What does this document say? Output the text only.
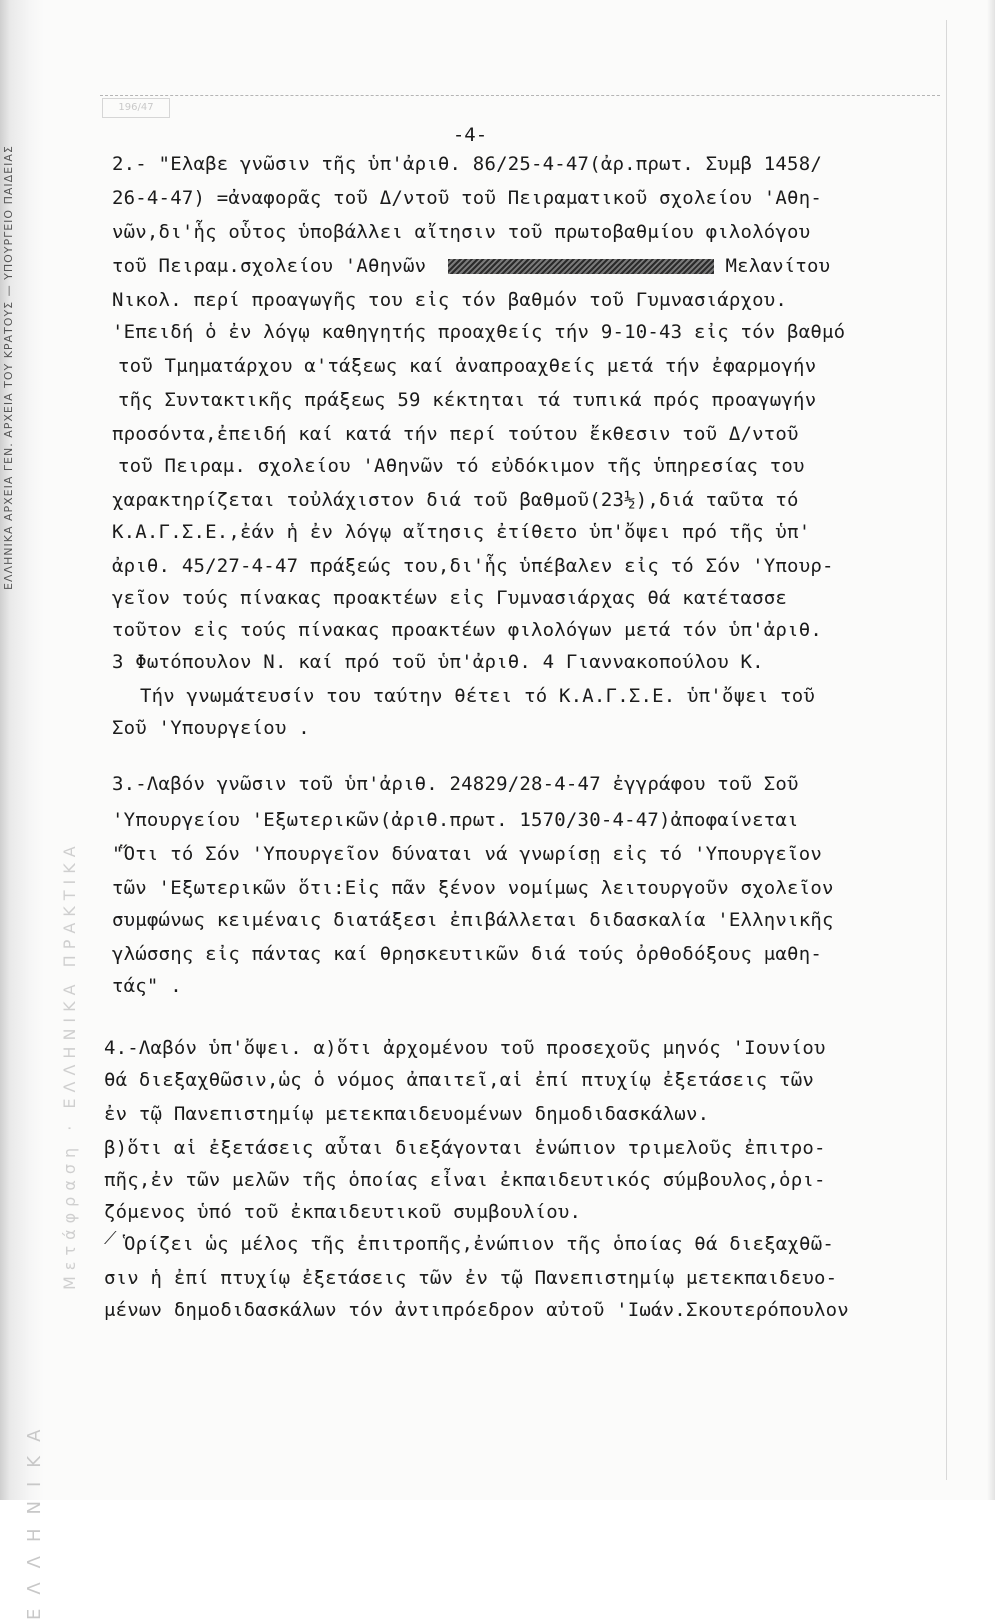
ΕΛΛΗΝΙΚΑ ΑΡΧΕΙΑ ΓΕΝ. ΑΡΧΕΙΑ ΤΟΥ ΚΡΑΤΟΥΣ — ΥΠΟΥΡΓΕΙΟ ΠΑΙΔΕΙΑΣ
Μετάφραση · ΕΛΛΗΝΙΚΑ ΠΡΑΚΤΙΚΑ
ΕΛΛΗΝΙΚΑ
196/47
-4-
2.- "Ελαβε γνῶσιν τῆς ὑπ'ἀριθ. 86/25-4-47(ἀρ.πρωτ. Συμβ 1458/
26-4-47) =ἀναφορᾶς τοῦ Δ/ντοῦ τοῦ Πειραματικοῦ σχολείου 'Αθη-
νῶν,δι'ἧς οὗτος ὑποβάλλει αἴτησιν τοῦ πρωτοβαθμίου φιλολόγου
τοῦ Πειραμ.σχολείου 'Αθηνῶν	Μελανίτου
Νικολ. περί προαγωγῆς του εἰς τόν βαθμόν τοῦ Γυμνασιάρχου.
'Επειδή ὁ ἐν λόγῳ καθηγητής προαχθείς τήν 9-10-43 εἰς τόν βαθμό
τοῦ Τμηματάρχου α'τάξεως καί ἀναπροαχθείς μετά τήν ἐφαρμογήν
τῆς Συντακτικῆς πράξεως 59 κέκτηται τά τυπικά πρός προαγωγήν
προσόντα,ἐπειδή καί κατά τήν περί τούτου ἔκθεσιν τοῦ Δ/ντοῦ
τοῦ Πειραμ. σχολείου 'Αθηνῶν τό εὐδόκιμον τῆς ὑπηρεσίας του
χαρακτηρίζεται τοὐλάχιστον διά τοῦ βαθμοῦ(23½),διά ταῦτα τό
Κ.Α.Γ.Σ.Ε.,ἐάν ἡ ἐν λόγῳ αἴτησις ἐτίθετο ὑπ'ὄψει πρό τῆς ὑπ'
ἀριθ. 45/27-4-47 πράξεώς του,δι'ἧς ὑπέβαλεν εἰς τό Σόν 'Υπουρ-
γεῖον τούς πίνακας προακτέων εἰς Γυμνασιάρχας θά κατέτασσε
τοῦτον εἰς τούς πίνακας προακτέων φιλολόγων μετά τόν ὑπ'ἀριθ.
3 Φωτόπουλον Ν. καί πρό τοῦ ὑπ'ἀριθ. 4 Γιαννακοπούλου Κ.
Τήν γνωμάτευσίν του ταύτην θέτει τό Κ.Α.Γ.Σ.Ε. ὑπ'ὄψει τοῦ
Σοῦ 'Υπουργείου .
3.-Λαβόν γνῶσιν τοῦ ὑπ'ἀριθ. 24829/28-4-47 ἐγγράφου τοῦ Σοῦ
'Υπουργείου 'Εξωτερικῶν(ἀριθ.πρωτ. 1570/30-4-47)ἀποφαίνεται
"Ὅτι τό Σόν 'Υπουργεῖον δύναται νά γνωρίσῃ εἰς τό 'Υπουργεῖον
τῶν 'Εξωτερικῶν ὅτι:Εἰς πᾶν ξένον νομίμως λειτουργοῦν σχολεῖον
συμφώνως κειμέναις διατάξεσι ἐπιβάλλεται διδασκαλία 'Ελληνικῆς
γλώσσης εἰς πάντας καί θρησκευτικῶν διά τούς ὀρθοδόξους μαθη-
τάς" .
4.-Λαβόν ὑπ'ὄψει. α)ὅτι ἀρχομένου τοῦ προσεχοῦς μηνός 'Ιουνίου
θά διεξαχθῶσιν,ὡς ὁ νόμος ἀπαιτεῖ,αἱ ἐπί πτυχίῳ ἐξετάσεις τῶν
ἐν τῷ Πανεπιστημίῳ μετεκπαιδευομένων δημοδιδασκάλων.
β)ὅτι αἱ ἐξετάσεις αὗται διεξάγονται ἐνώπιον τριμελοῦς ἐπιτρο-
πῆς,ἐν τῶν μελῶν τῆς ὁποίας εἶναι ἐκπαιδευτικός σύμβουλος,ὁρι-
ζόμενος ὑπό τοῦ ἐκπαιδευτικοῦ συμβουλίου.
Ὁρίζει ὡς μέλος τῆς ἐπιτροπῆς,ἐνώπιον τῆς ὁποίας θά διεξαχθῶ-
σιν ἡ ἐπί πτυχίῳ ἐξετάσεις τῶν ἐν τῷ Πανεπιστημίῳ μετεκπαιδευο-
μένων δημοδιδασκάλων τόν ἀντιπρόεδρον αὐτοῦ 'Ιωάν.Σκουτερόπουλον
⟋
